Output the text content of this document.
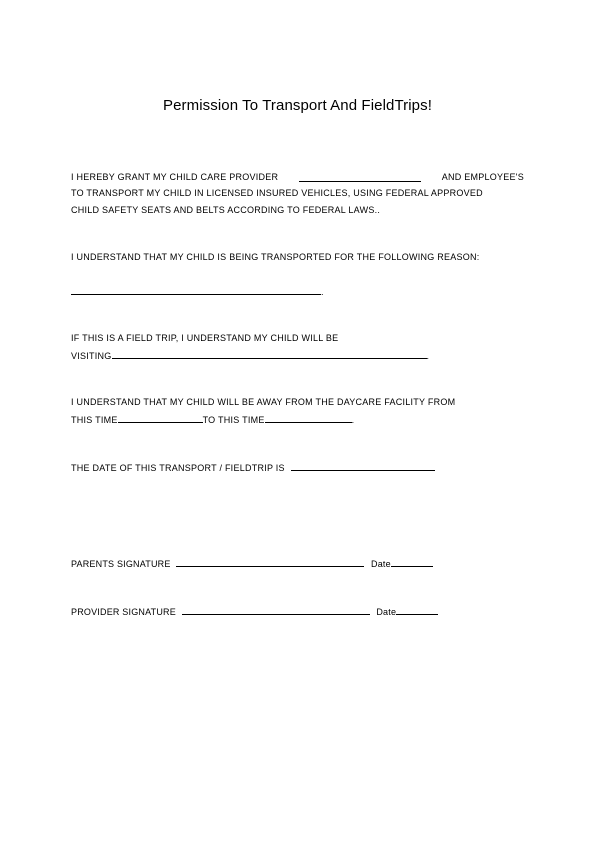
Permission To Transport And FieldTrips!
I HEREBY GRANT MY CHILD CARE PROVIDER	AND EMPLOYEE'S
TO TRANSPORT MY CHILD IN LICENSED INSURED VEHICLES, USING FEDERAL APPROVED
CHILD SAFETY SEATS AND BELTS ACCORDING TO FEDERAL LAWS..
I UNDERSTAND THAT MY CHILD IS BEING TRANSPORTED FOR THE FOLLOWING REASON:
.
IF THIS IS A FIELD TRIP, I UNDERSTAND MY CHILD WILL BE
VISITING	.
I UNDERSTAND THAT MY CHILD WILL BE AWAY FROM THE DAYCARE FACILITY FROM
THIS TIME	TO THIS TIME	.
THE DATE OF THIS TRANSPORT / FIELDTRIP IS
PARENTS SIGNATURE	Date
PROVIDER SIGNATURE	Date
